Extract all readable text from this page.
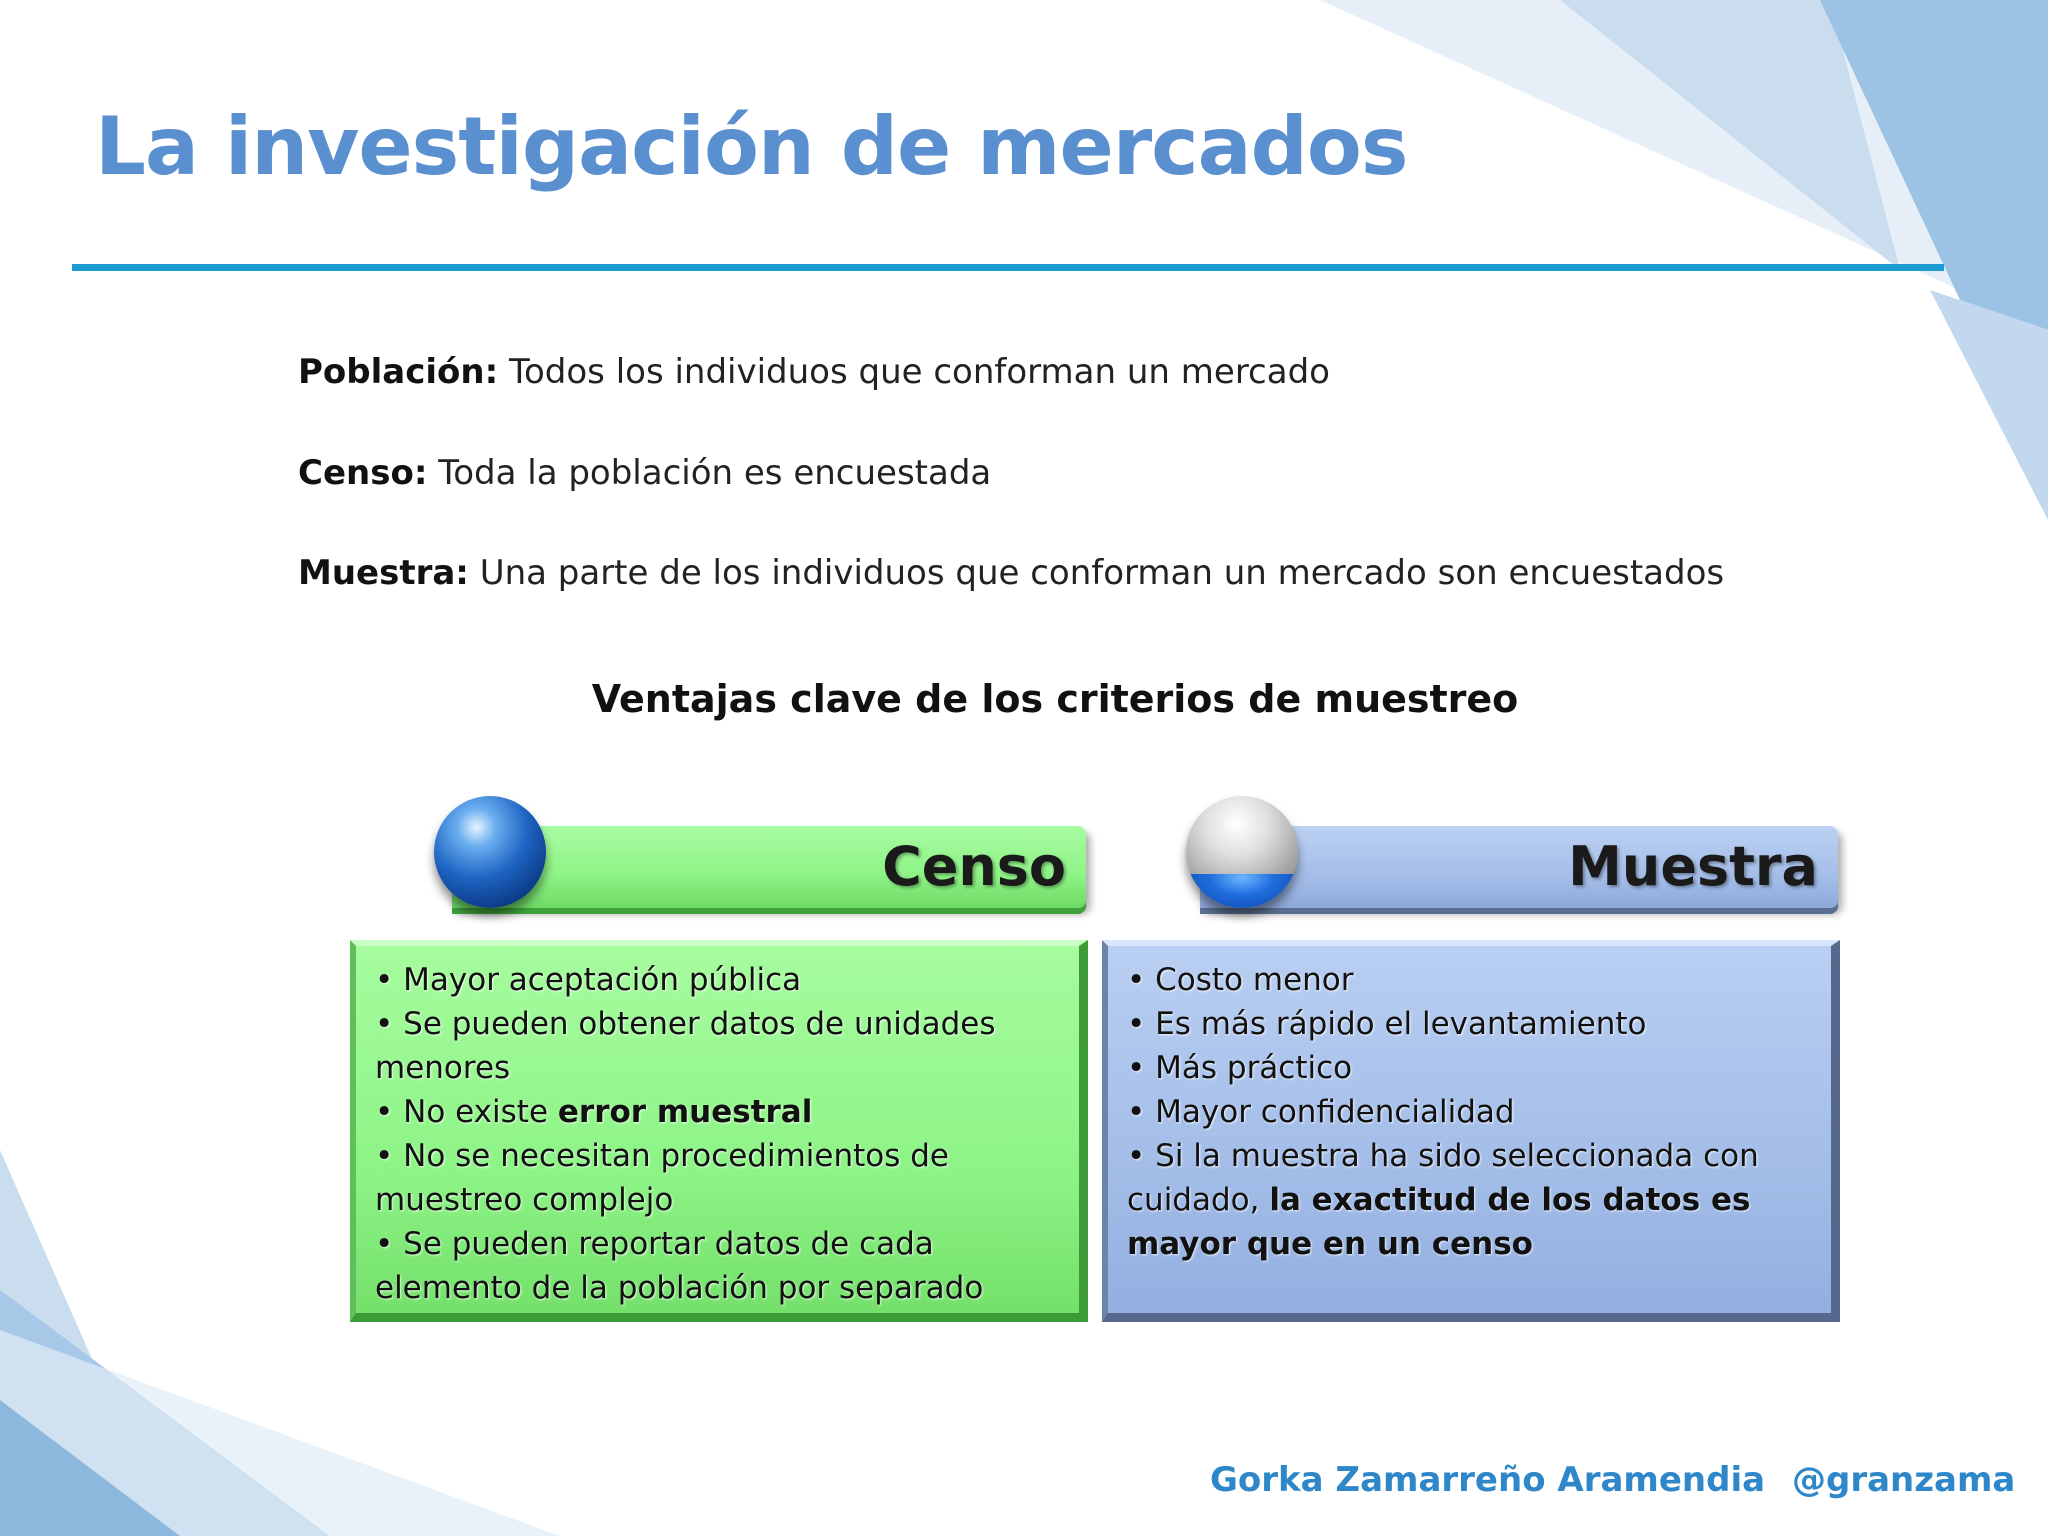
La investigación de mercados

Población: Todos los individuos que conforman un mercado

Censo: Toda la población es encuestada

Muestra: Una parte de los individuos que conforman un mercado son encuestados

Ventajas clave de los criterios de muestreo
Censo	Muestra
• Mayor aceptación pública
• Se pueden obtener datos de unidades menores
• No existe error muestral
• No se necesitan procedimientos de muestreo complejo
• Se pueden reportar datos de cada elemento de la población por separado
• Costo menor
• Es más rápido el levantamiento
• Más práctico
• Mayor confidencialidad
• Si la muestra ha sido seleccionada con cuidado, la exactitud de los datos es mayor que en un censo

Gorka Zamarreño Aramendia @granzama
